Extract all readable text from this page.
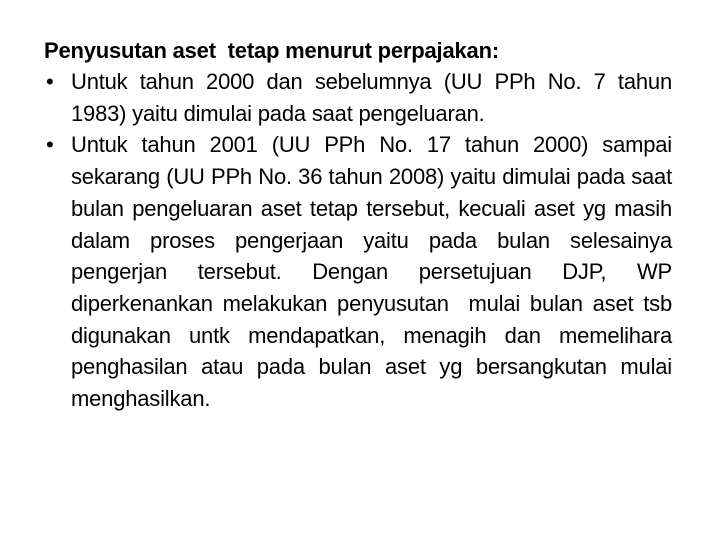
Penyusutan aset  tetap menurut perpajakan:

• Untuk tahun 2000 dan sebelumnya (UU PPh No. 7 tahun 1983) yaitu dimulai pada saat pengeluaran.
• Untuk tahun 2001 (UU PPh No. 17 tahun 2000) sampai sekarang (UU PPh No. 36 tahun 2008) yaitu dimulai pada saat bulan pengeluaran aset tetap tersebut, kecuali aset yg masih dalam proses pengerjaan yaitu pada bulan selesainya pengerjan tersebut. Dengan persetujuan DJP, WP diperkenankan melakukan penyusutan  mulai bulan aset tsb digunakan untk mendapatkan, menagih dan memelihara penghasilan atau pada bulan aset yg bersangkutan mulai menghasilkan.
